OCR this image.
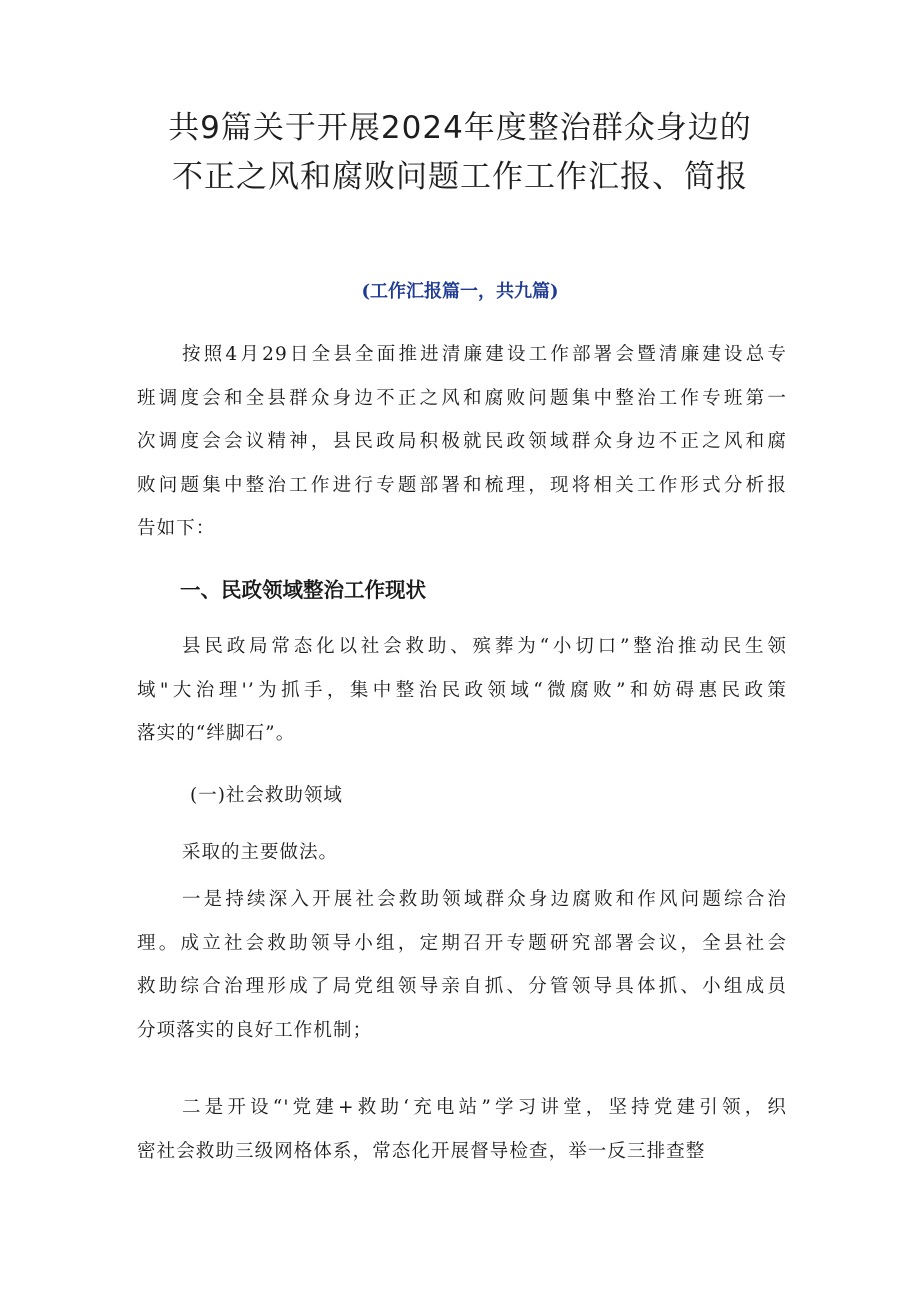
共9篇关于开展2024年度整治群众身边的
不正之风和腐败问题工作工作汇报、简报
(工作汇报篇一，共九篇)
按照4月29日全县全面推进清廉建设工作部署会暨清廉建设总专
班调度会和全县群众身边不正之风和腐败问题集中整治工作专班第一
次调度会会议精神，县民政局积极就民政领域群众身边不正之风和腐
败问题集中整治工作进行专题部署和梳理，现将相关工作形式分析报
告如下：
一、民政领域整治工作现状
县民政局常态化以社会救助、殡葬为“小切口”整治推动民生领
域"大治理'’为抓手，集中整治民政领域“微腐败”和妨碍惠民政策
落实的“绊脚石”。
(一)社会救助领域
采取的主要做法。
一是持续深入开展社会救助领域群众身边腐败和作风问题综合治
理。成立社会救助领导小组，定期召开专题研究部署会议，全县社会
救助综合治理形成了局党组领导亲自抓、分管领导具体抓、小组成员
分项落实的良好工作机制；
二是开设“'党建+救助‘充电站”学习讲堂，坚持党建引领，织
密社会救助三级网格体系，常态化开展督导检查，举一反三排查整
